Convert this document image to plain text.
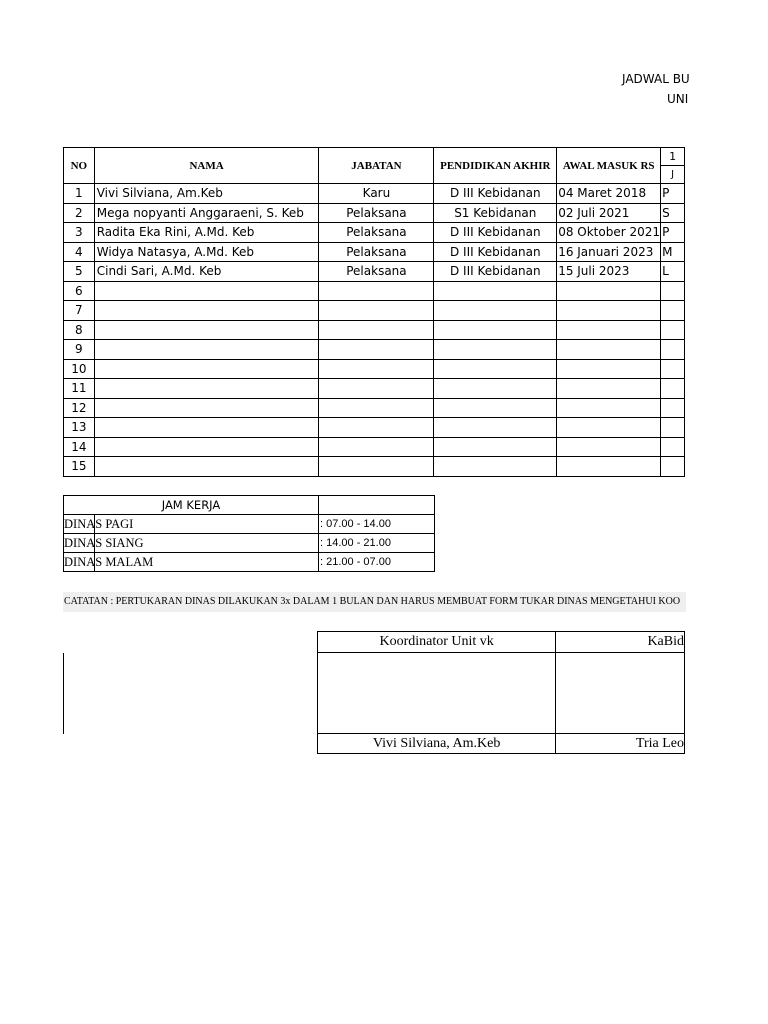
JADWAL BU
UNI
NO	NAMA	JABATAN	PENDIDIKAN AKHIR	AWAL MASUK RS	1
					J
1	Vivi Silviana, Am.Keb	Karu	D III Kebidanan	04 Maret 2018	P
2	Mega nopyanti Anggaraeni, S. Keb	Pelaksana	S1 Kebidanan	02 Juli 2021	S
3	Radita Eka Rini, A.Md. Keb	Pelaksana	D III Kebidanan	08 Oktober 2021	P
4	Widya Natasya, A.Md. Keb	Pelaksana	D III Kebidanan	16 Januari 2023	M
5	Cindi Sari, A.Md. Keb	Pelaksana	D III Kebidanan	15 Juli 2023	L
6					
7					
8					
9					
10					
11					
12					
13					
14					
15					
JAM KERJA	

DINAS PAGI	: 07.00 - 14.00

DINAS SIANG	: 14.00 - 21.00

DINAS MALAM	: 21.00 - 07.00
CATATAN : PERTUKARAN DINAS DILAKUKAN 3x DALAM 1 BULAN DAN HARUS MEMBUAT FORM TUKAR DINAS MENGETAHUI KOO
Koordinator Unit vk	KaBid

Vivi Silviana, Am.Keb	Tria Leo
